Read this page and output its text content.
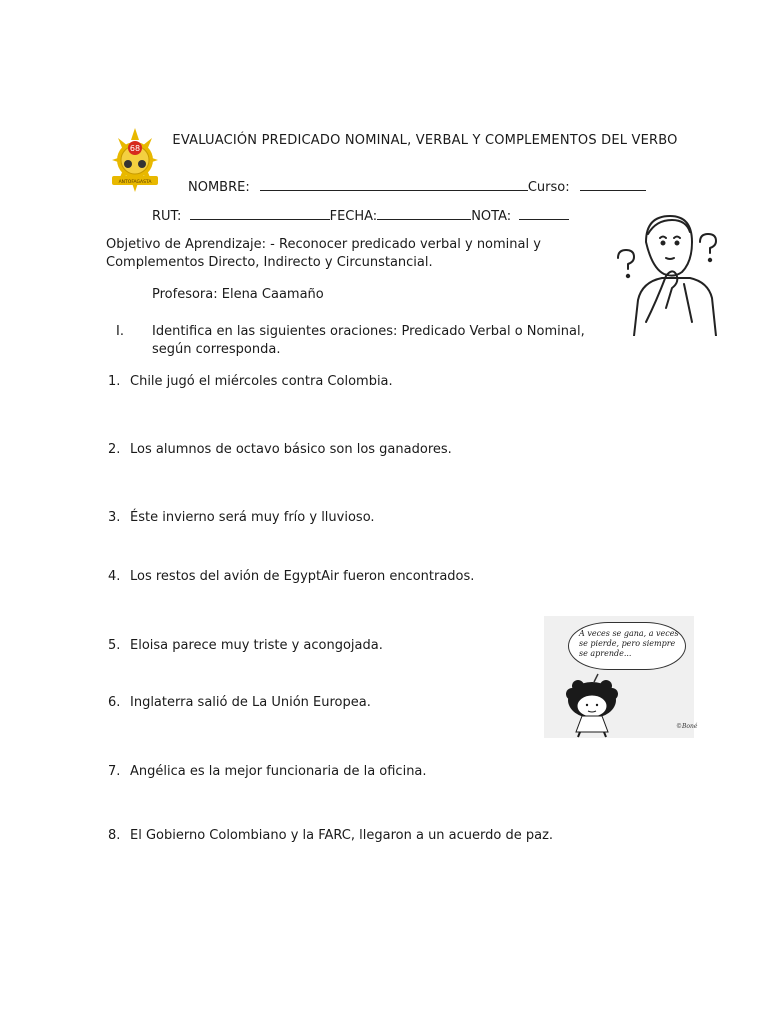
68
ANTOFAGASTA
EVALUACIÓN PREDICADO NOMINAL, VERBAL Y COMPLEMENTOS DEL VERBO
NOMBRE:	Curso:
RUT:	FECHA:	NOTA:
Objetivo de Aprendizaje: - Reconocer predicado verbal y nominal y Complementos Directo, Indirecto y Circunstancial.
Profesora: Elena Caamaño
I.	Identifica en las siguientes oraciones: Predicado Verbal o Nominal, según corresponda.
1. Chile jugó el miércoles contra Colombia.
2. Los alumnos de octavo básico son los ganadores.
3. Éste invierno será muy frío y lluvioso.
4. Los restos del avión de EgyptAir fueron encontrados.
5. Eloisa parece muy triste y acongojada.
6. Inglaterra salió de La Unión Europea.
7. Angélica es la mejor funcionaria de la oficina.
8. El Gobierno Colombiano y la FARC, llegaron a un acuerdo de paz.
A veces se gana, a veces se pierde, pero siempre se aprende...
©Boné
